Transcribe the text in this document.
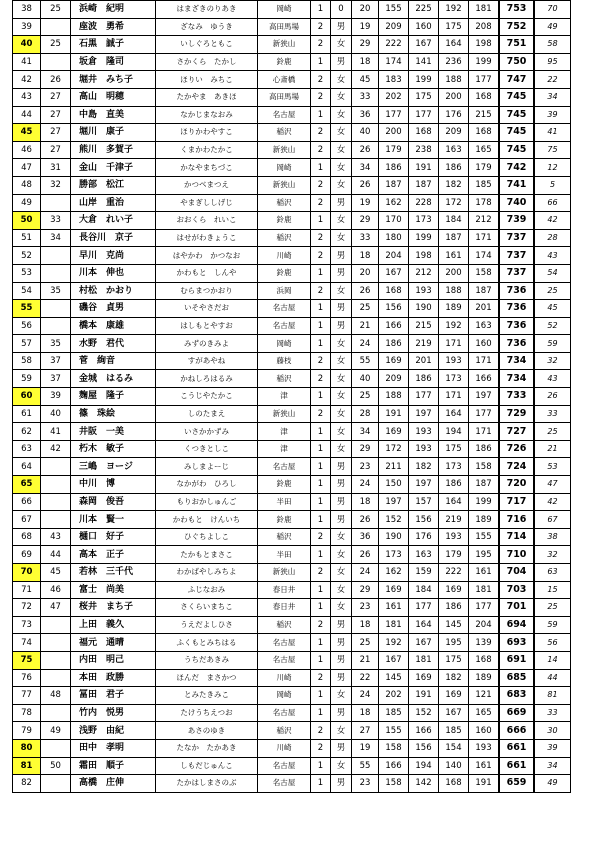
38	25	浜崎　紀明	はまざきのりあき	岡崎	1	0	20	155	225	192	181	753	70
39		座波　勇希	ざなみ　ゆうき	高田馬場	2	男	19	209	160	175	208	752	49
40	25	石黒　誠子	いしぐろともこ	新狭山	2	女	29	222	167	164	198	751	58
41		坂倉　隆司	さかくら　たかし	鈴鹿	1	男	18	174	141	236	199	750	95
42	26	堀井　みち子	ほりい　みちこ	心斎橋	2	女	45	183	199	188	177	747	22
43	27	高山　明穂	たかやま　あきほ	高田馬場	2	女	33	202	175	200	168	745	34
44	27	中島　直美	なかじまなおみ	名古屋	1	女	36	177	177	176	215	745	39
45	27	堀川　康子	ほりかわやすこ	稲沢	2	女	40	200	168	209	168	745	41
46	27	熊川　多賀子	くまかわたかこ	新狭山	2	女	26	179	238	163	165	745	75
47	31	金山　千津子	かなやまちづこ	岡崎	1	女	34	186	191	186	179	742	12
48	32	勝部　松江	かつべまつえ	新狭山	2	女	26	187	187	182	185	741	5
49		山岸　重治	やまぎししげじ	稲沢	2	男	19	162	228	172	178	740	66
50	33	大倉　れい子	おおくら　れいこ	鈴鹿	1	女	29	170	173	184	212	739	42
51	34	長谷川　京子	はせがわきょうこ	稲沢	2	女	33	180	199	187	171	737	28
52		早川　克尚	はやかわ　かつなお	川崎	2	男	18	204	198	161	174	737	43
53		川本　伸也	かわもと　しんや	鈴鹿	1	男	20	167	212	200	158	737	54
54	35	村松　かおり	むらまつかおり	浜岡	2	女	26	168	193	188	187	736	25
55		磯谷　貞男	いそやさだお	名古屋	1	男	25	156	190	189	201	736	45
56		橋本　康雄	はしもとやすお	名古屋	1	男	21	166	215	192	163	736	52
57	35	水野　君代	みずのきみよ	岡崎	1	女	24	186	219	171	160	736	59
58	37	菅　絢音	すがあやね	藤枝	2	女	55	169	201	193	171	734	32
59	37	金城　はるみ	かねしろはるみ	稲沢	2	女	40	209	186	173	166	734	43
60	39	麹屋　隆子	こうじやたかこ	津	1	女	25	188	177	171	197	733	26
61	40	篠　珠絵	しのたまえ	新狭山	2	女	28	191	197	164	177	729	33
62	41	井阪　一美	いさかかずみ	津	1	女	34	169	193	194	171	727	25
63	42	朽木　敏子	くつきとしこ	津	1	女	29	172	193	175	186	726	21
64		三嶋　ヨージ	みしまよーじ	名古屋	1	男	23	211	182	173	158	724	53
65		中川　博	なかがわ　ひろし	鈴鹿	1	男	24	150	197	186	187	720	47
66		森岡　俊吾	もりおかしゅんご	半田	1	男	18	197	157	164	199	717	42
67		川本　賢一	かわもと　けんいち	鈴鹿	1	男	26	152	156	219	189	716	67
68	43	樋口　好子	ひぐちよしこ	稲沢	2	女	36	190	176	193	155	714	38
69	44	高本　正子	たかもとまさこ	半田	1	女	26	173	163	179	195	710	32
70	45	若林　三千代	わかばやしみちよ	新狭山	2	女	24	162	159	222	161	704	63
71	46	富士　尚美	ふじなおみ	春日井	1	女	29	169	184	169	181	703	15
72	47	桜井　まち子	さくらいまちこ	春日井	1	女	23	161	177	186	177	701	25
73		上田　義久	うえだよしひさ	稲沢	2	男	18	181	164	145	204	694	59
74		福元　通晴	ふくもとみちはる	名古屋	1	男	25	192	167	195	139	693	56
75		内田　明己	うちだあきみ	名古屋	1	男	21	167	181	175	168	691	14
76		本田　政勝	ほんだ　まさかつ	川崎	2	男	22	145	169	182	189	685	44
77	48	冨田　君子	とみたきみこ	岡崎	1	女	24	202	191	169	121	683	81
78		竹内　悦男	たけうちえつお	名古屋	1	男	18	185	152	167	165	669	33
79	49	浅野　由紀	あさのゆき	稲沢	2	女	27	155	166	185	160	666	30
80		田中　孝明	たなか　たかあき	川崎	2	男	19	158	156	154	193	661	39
81	50	霜田　順子	しもだじゅんこ	名古屋	1	女	55	166	194	140	161	661	34
82		高橋　庄伸	たかはしまさのぶ	名古屋	1	男	23	158	142	168	191	659	49
